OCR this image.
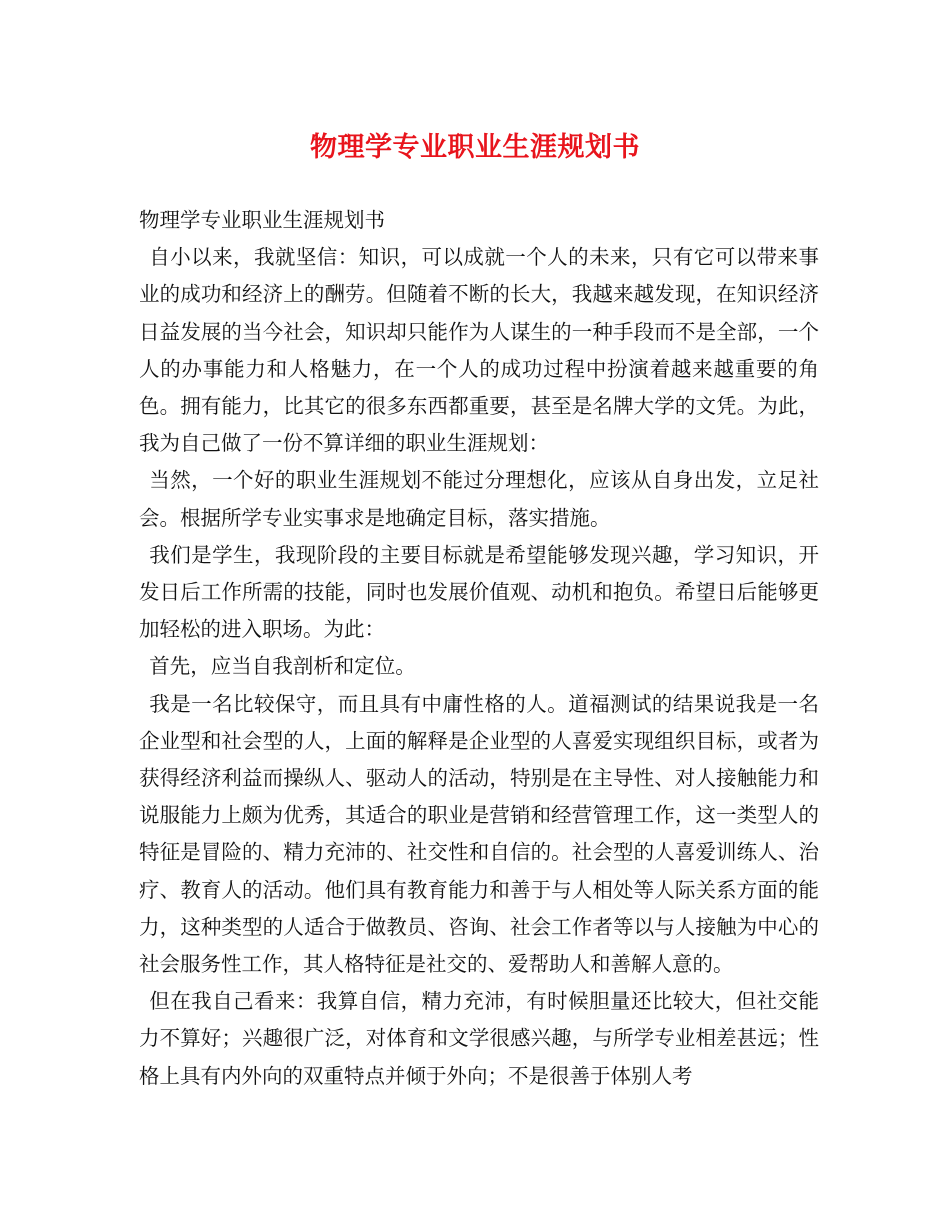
物理学专业职业生涯规划书

物理学专业职业生涯规划书

自小以来，我就坚信：知识，可以成就一个人的未来，只有它可以带来事业的成功和经济上的酬劳。但随着不断的长大，我越来越发现，在知识经济日益发展的当今社会，知识却只能作为人谋生的一种手段而不是全部，一个人的办事能力和人格魅力，在一个人的成功过程中扮演着越来越重要的角色。拥有能力，比其它的很多东西都重要，甚至是名牌大学的文凭。为此，我为自己做了一份不算详细的职业生涯规划：

当然，一个好的职业生涯规划不能过分理想化，应该从自身出发，立足社会。根据所学专业实事求是地确定目标，落实措施。

我们是学生，我现阶段的主要目标就是希望能够发现兴趣，学习知识，开发日后工作所需的技能，同时也发展价值观、动机和抱负。希望日后能够更加轻松的进入职场。为此：

首先，应当自我剖析和定位。

我是一名比较保守，而且具有中庸性格的人。道福测试的结果说我是一名企业型和社会型的人，上面的解释是企业型的人喜爱实现组织目标，或者为获得经济利益而操纵人、驱动人的活动，特别是在主导性、对人接触能力和说服能力上颇为优秀，其适合的职业是营销和经营管理工作，这一类型人的特征是冒险的、精力充沛的、社交性和自信的。社会型的人喜爱训练人、治疗、教育人的活动。他们具有教育能力和善于与人相处等人际关系方面的能力，这种类型的人适合于做教员、咨询、社会工作者等以与人接触为中心的社会服务性工作，其人格特征是社交的、爱帮助人和善解人意的。

但在我自己看来：我算自信，精力充沛，有时候胆量还比较大，但社交能力不算好；兴趣很广泛，对体育和文学很感兴趣，与所学专业相差甚远；性格上具有内外向的双重特点并倾于外向；不是很善于体别人考
